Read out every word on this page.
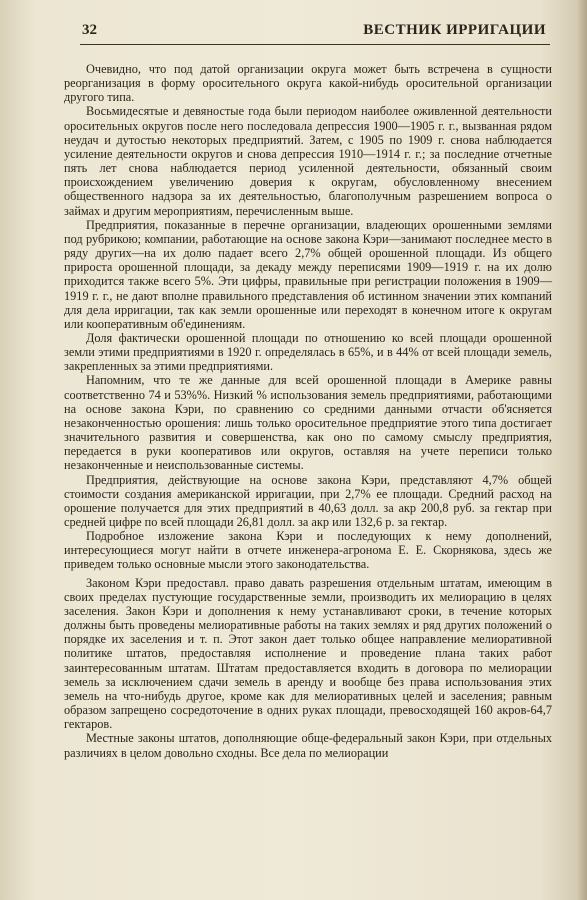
32	ВЕСТНИК ИРРИГАЦИИ

Очевидно, что под датой организации округа может быть встречена в сущности реорганизация в форму оросительного округа какой-нибудь оросительной организации другого типа.

Восьмидесятые и девяностые года были периодом наиболее оживленной деятельности оросительных округов после него последовала депрессия 1900—1905 г. г., вызванная рядом неудач и дутостью некоторых предприятий. Затем, с 1905 по 1909 г. снова наблюдается усиление деятельности округов и снова депрессия 1910—1914 г. г.; за последние отчетные пять лет снова наблюдается период усиленной деятельности, обязанный своим происхождением увеличению доверия к округам, обусловленному внесением общественного надзора за их деятельностью, благополучным разрешением вопроса о займах и другим мероприятиям, перечисленным выше.

Предприятия, показанные в перечне организации, владеющих орошенными землями под рубрикою; компании, работающие на основе закона Кэри—занимают последнее место в ряду других—на их долю падает всего 2,7% общей орошенной площади. Из общего прироста орошенной площади, за декаду между переписями 1909—1919 г. на их долю приходится также всего 5%. Эти цифры, правильные при регистрации положения в 1909—1919 г. г., не дают вполне правильного представления об истинном значении этих компаний для дела ирригации, так как земли орошенные или переходят в конечном итоге к округам или кооперативным об'единениям.

Доля фактически орошенной площади по отношению ко всей площади орошенной земли этими предприятиями в 1920 г. определялась в 65%, и в 44% от всей площади земель, закрепленных за этими предприятиями.

Напомним, что те же данные для всей орошенной площади в Америке равны соответственно 74 и 53%%. Низкий % использования земель предприятиями, работающими на основе закона Кэри, по сравнению со средними данными отчасти об'ясняется незаконченностью орошения: лишь только оросительное предприятие этого типа достигает значительного развития и совершенства, как оно по самому смыслу предприятия, передается в руки кооперативов или округов, оставляя на учете переписи только незаконченные и неиспользованные системы.

Предприятия, действующие на основе закона Кэри, представляют 4,7% общей стоимости создания американской ирригации, при 2,7% ее площади. Средний расход на орошение получается для этих предприятий в 40,63 долл. за акр 200,8 руб. за гектар при средней цифре по всей площади 26,81 долл. за акр или 132,6 р. за гектар.

Подробное изложение закона Кэри и последующих к нему дополнений, интересующиеся могут найти в отчете инженера-агронома Е. Е. Скорнякова, здесь же приведем только основные мысли этого законодательства.

Законом Кэри предоставл. право давать разрешения отдельным штатам, имеющим в своих пределах пустующие государственные земли, производить их мелиорацию в целях заселения. Закон Кэри и дополнения к нему устанавливают сроки, в течение которых должны быть проведены мелиоративные работы на таких землях и ряд других положений о порядке их заселения и т. п. Этот закон дает только общее направление мелиоративной политике штатов, предоставляя исполнение и проведение плана таких работ заинтересованным штатам. Штатам предоставляется входить в договора по мелиорации земель за исключением сдачи земель в аренду и вообще без права использования этих земель на что-нибудь другое, кроме как для мелиоративных целей и заселения; равным образом запрещено сосредоточение в одних руках площади, превосходящей 160 акров-64,7 гектаров.

Местные законы штатов, дополняющие обще-федеральный закон Кэри, при отдельных различиях в целом довольно сходны. Все дела по мелиорации
